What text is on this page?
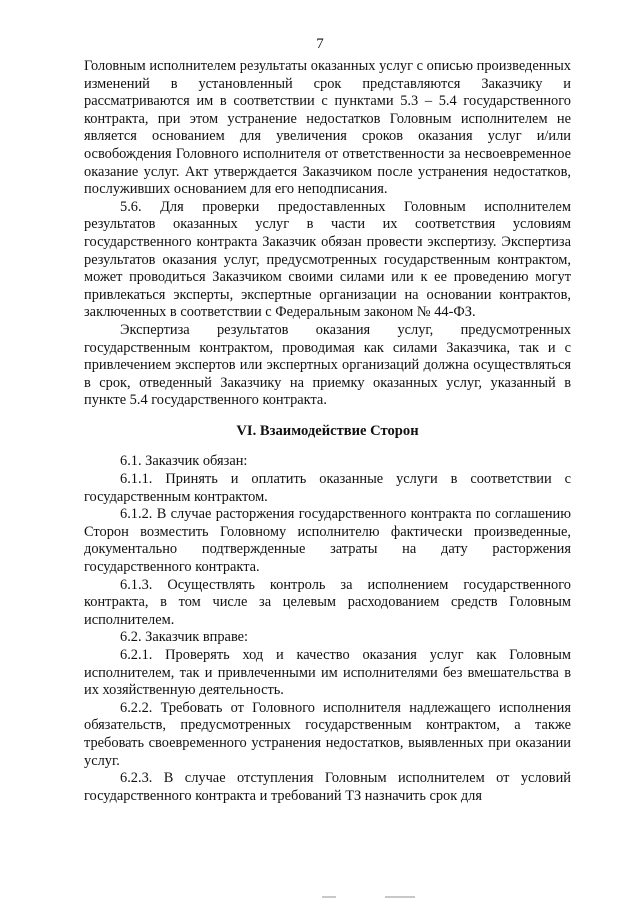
7

Головным исполнителем результаты оказанных услуг с описью произведенных изменений в установленный срок представляются Заказчику и рассматриваются им в соответствии с пунктами 5.3 – 5.4 государственного контракта, при этом устранение недостатков Головным исполнителем не является основанием для увеличения сроков оказания услуг и/или освобождения Головного исполнителя от ответственности за несвоевременное оказание услуг. Акт утверждается Заказчиком после устранения недостатков, послуживших основанием для его неподписания.

5.6. Для проверки предоставленных Головным исполнителем результатов оказанных услуг в части их соответствия условиям государственного контракта Заказчик обязан провести экспертизу. Экспертиза результатов оказания услуг, предусмотренных государственным контрактом, может проводиться Заказчиком своими силами или к ее проведению могут привлекаться эксперты, экспертные организации на основании контрактов, заключенных в соответствии с Федеральным законом № 44-ФЗ.

Экспертиза результатов оказания услуг, предусмотренных государственным контрактом, проводимая как силами Заказчика, так и с привлечением экспертов или экспертных организаций должна осуществляться в срок, отведенный Заказчику на приемку оказанных услуг, указанный в пункте 5.4 государственного контракта.

VI. Взаимодействие Сторон

6.1. Заказчик обязан:

6.1.1. Принять и оплатить оказанные услуги в соответствии с государственным контрактом.

6.1.2. В случае расторжения государственного контракта по соглашению Сторон возместить Головному исполнителю фактически произведенные, документально подтвержденные затраты на дату расторжения государственного контракта.

6.1.3. Осуществлять контроль за исполнением государственного контракта, в том числе за целевым расходованием средств Головным исполнителем.

6.2. Заказчик вправе:

6.2.1. Проверять ход и качество оказания услуг как Головным исполнителем, так и привлеченными им исполнителями без вмешательства в их хозяйственную деятельность.

6.2.2. Требовать от Головного исполнителя надлежащего исполнения обязательств, предусмотренных государственным контрактом, а также требовать своевременного устранения недостатков, выявленных при оказании услуг.

6.2.3. В случае отступления Головным исполнителем от условий государственного контракта и требований ТЗ назначить срок для
